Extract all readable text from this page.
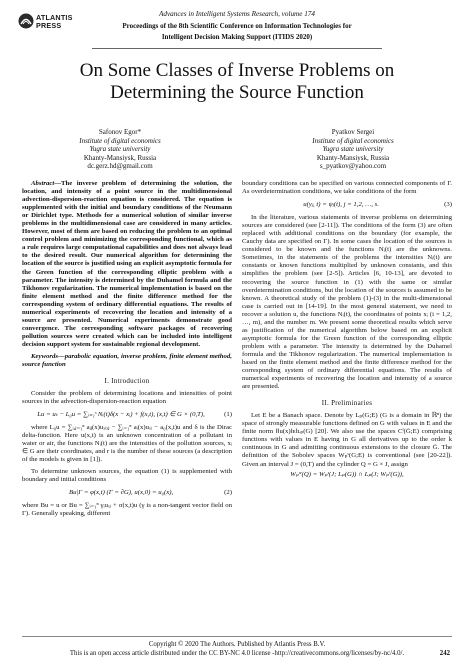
ATLANTIS
PRESS
Advances in Intelligent Systems Research, volume 174
Proceedings of the 8th Scientific Conference on Information Technologies for
Intelligent Decision Making Support (ITIDS 2020)
On Some Classes of Inverse Problems on
Determining the Source Function
Safonov Egor*
Institute of digital economics
Yugra state university
Khanty-Mansiysk, Russia
dc.gerz.hd@gmail.com
Pyatkov Sergei
Institute of digital economics
Yugra state university
Khanty-Mansiysk, Russia
s_pyatkov@yahoo.com
Abstract—The inverse problem of determining the solution, the location, and intensity of a point source in the multidimensional advection-dispersion-reaction equation is considered. The equation is supplemented with the initial and boundary conditions of the Neumann or Dirichlet type. Methods for a numerical solution of similar inverse problems in the multidimensional case are considered in many articles. However, most of them are based on reducing the problem to an optimal control problem and minimizing the corresponding functional, which as a rule requires large computational capabilities and does not always lead to the desired result. Our numerical algorithm for determining the location of the source is justified using an explicit asymptotic formula for the Green function of the corresponding elliptic problem with a parameter. The intensity is determined by the Duhamel formula and the Tikhonov regularization. The numerical implementation is based on the finite element method and the finite difference method for the corresponding system of ordinary differential equations. The results of numerical experiments of recovering the location and intensity of a source are presented. Numerical experiments demonstrate good convergence. The corresponding software packages of recovering pollution sources were created which can be included into intelligent decision support system for sustainable regional development.
Keywords—parabolic equation, inverse problem, finite element method, source function
I. Introduction
Consider the problem of determining locations and intensities of point sources in the advection-dispersion-reaction equation
Lu = uₜ − L₀u = ∑ᵢ₌₁ˢ Nᵢ(t)δ(x − xᵢ) + f(x,t), (x,t) ∈ G × (0,T),	(1)
where L₀u = ∑ᵢ,ⱼ₌₁ⁿ aᵢⱼ(x)uₓᵢₓⱼ − ∑ᵢ₌₁ⁿ aᵢ(x)uₓᵢ − a₀(x,t)u and δ is the Dirac delta-function. Here u(x,t) is an unknown concentration of a pollutant in water or air, the functions Nᵢ(t) are the intensities of the pollution sources, xᵢ ∈ G are their coordinates, and r is the number of these sources (a description of the models is given in [1]).
To determine unknown sources, the equation (1) is supplemented with boundary and initial conditions
Bu|Γ = φ(x,t) (Γ = ∂G), u(x,0) = u₀(x),	(2)
where Bu = u or Bu = ∑ᵢ₌₁ⁿ γᵢuₓᵢ + σ(x,t)u (γ is a non-tangent vector field on Γ). Generally speaking, different
boundary conditions can be specified on various connected components of Γ. As overdetermination conditions, we take conditions of the form
u(yⱼ, t) = ψⱼ(t), j = 1,2, …, s.	(3)
In the literature, various statements of inverse problems on determining sources are considered (see [2-11]). The conditions of the form (3) are often replaced with additional conditions on the boundary (for example, the Cauchy data are specified on Γ). In some cases the location of the sources is considered to be known and the functions Nᵢ(t) are the unknowns. Sometimes, in the statements of the problems the intensities Nᵢ(t) are constants or known functions multiplied by unknown constants, and this simplifies the problem (see [2-5]). Articles [6, 10-13], are devoted to recovering the source function in (1) with the same or similar overdetermination conditions, but the location of the sources is assumed to be known. A theoretical study of the problem (1)-(3) in the multi-dimensional case is carried out in [14-19]. In the most general statement, we need to recover a solution u, the functions Nᵢ(t), the coordinates of points xᵢ (i = 1,2, …, m), and the number m. We present some theoretical results which serve as justification of the numerical algorithm below based on an explicit asymptotic formula for the Green function of the corresponding elliptic problem with a parameter. The intensity is determined by the Duhamel formula and the Tikhonov regularization. The numerical implementation is based on the finite element method and the finite difference method for the corresponding system of ordinary differential equations. The results of numerical experiments of recovering the location and intensity of a source are presented.
II. Preliminaries
Let E be a Banach space. Denote by Lₚ(G;E) (G is a domain in ℝⁿ) the space of strongly measurable functions defined on G with values in E and the finite norm ‖‖u(x)‖ᴇ‖ʟₚ(G) [20]. We also use the spaces Cˡ(Ḡ;E) comprising functions with values in E having in G all derivatives up to the order k continuous in G and admitting continuous extensions to the closure Ḡ. The definition of the Sobolev spaces Wₚˢ(G;E) is conventional (see [20-22]). Given an interval J = (0,T) and the cylinder Q = G × J, assign
Wₚˢʳ(Q) = Wₚˢ(J; Lₚ(G)) ∩ Lₚ(J; Wₚʳ(G)),
Copyright © 2020 The Authors. Published by Atlantis Press B.V.
This is an open access article distributed under the CC BY-NC 4.0 license -http://creativecommons.org/licenses/by-nc/4.0/.	242
